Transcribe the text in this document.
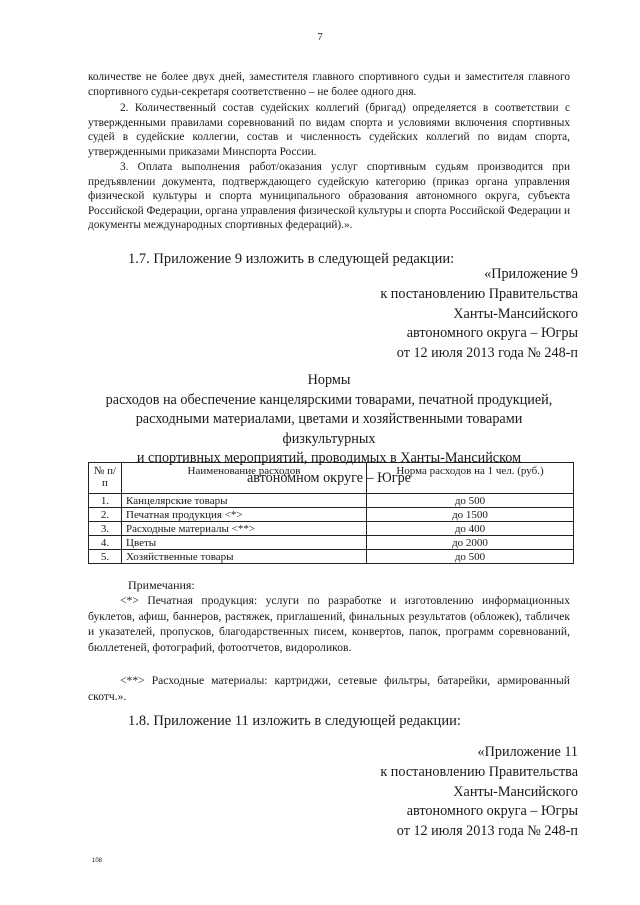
7

количестве не более двух дней, заместителя главного спортивного судьи и заместителя главного спортивного судьи-секретаря соответственно – не более одного дня.

2. Количественный состав судейских коллегий (бригад) определяется в соответствии с утвержденными правилами соревнований по видам спорта и условиями включения спортивных судей в судейские коллегии, состав и численность судейских коллегий по видам спорта, утвержденными приказами Минспорта России.

3. Оплата выполнения работ/оказания услуг спортивным судьям производится при предъявлении документа, подтверждающего судейскую категорию (приказ органа управления физической культуры и спорта муниципального образования автономного округа, субъекта Российской Федерации, органа управления физической культуры и спорта Российской Федерации и документы международных спортивных федераций).».

1.7. Приложение 9 изложить в следующей редакции:

«Приложение 9
к постановлению Правительства
Ханты-Мансийского
автономного округа – Югры
от 12 июля 2013 года № 248-п
Нормы
расходов на обеспечение канцелярскими товарами, печатной продукцией,
расходными материалами, цветами и хозяйственными товарами физкультурных
и спортивных мероприятий, проводимых в Ханты-Мансийском
автономном округе – Югре
№ п/п	Наименование расходов	Норма расходов на 1 чел. (руб.)
1.	Канцелярские товары	до 500
2.	Печатная продукция <*>	до 1500
3.	Расходные материалы <**>	до 400
4.	Цветы	до 2000
5.	Хозяйственные товары	до 500

Примечания:

<*> Печатная продукция: услуги по разработке и изготовлению информационных буклетов, афиш, баннеров, растяжек, приглашений, финальных результатов (обложек), табличек и указателей, пропусков, благодарственных писем, конвертов, папок, программ соревнований, бюллетеней, фотографий, фотоотчетов, видороликов.

<**> Расходные материалы: картриджи, сетевые фильтры, батарейки, армированный скотч.».

1.8. Приложение 11 изложить в следующей редакции:

«Приложение 11
к постановлению Правительства
Ханты-Мансийского
автономного округа – Югры
от 12 июля 2013 года № 248-п
108
